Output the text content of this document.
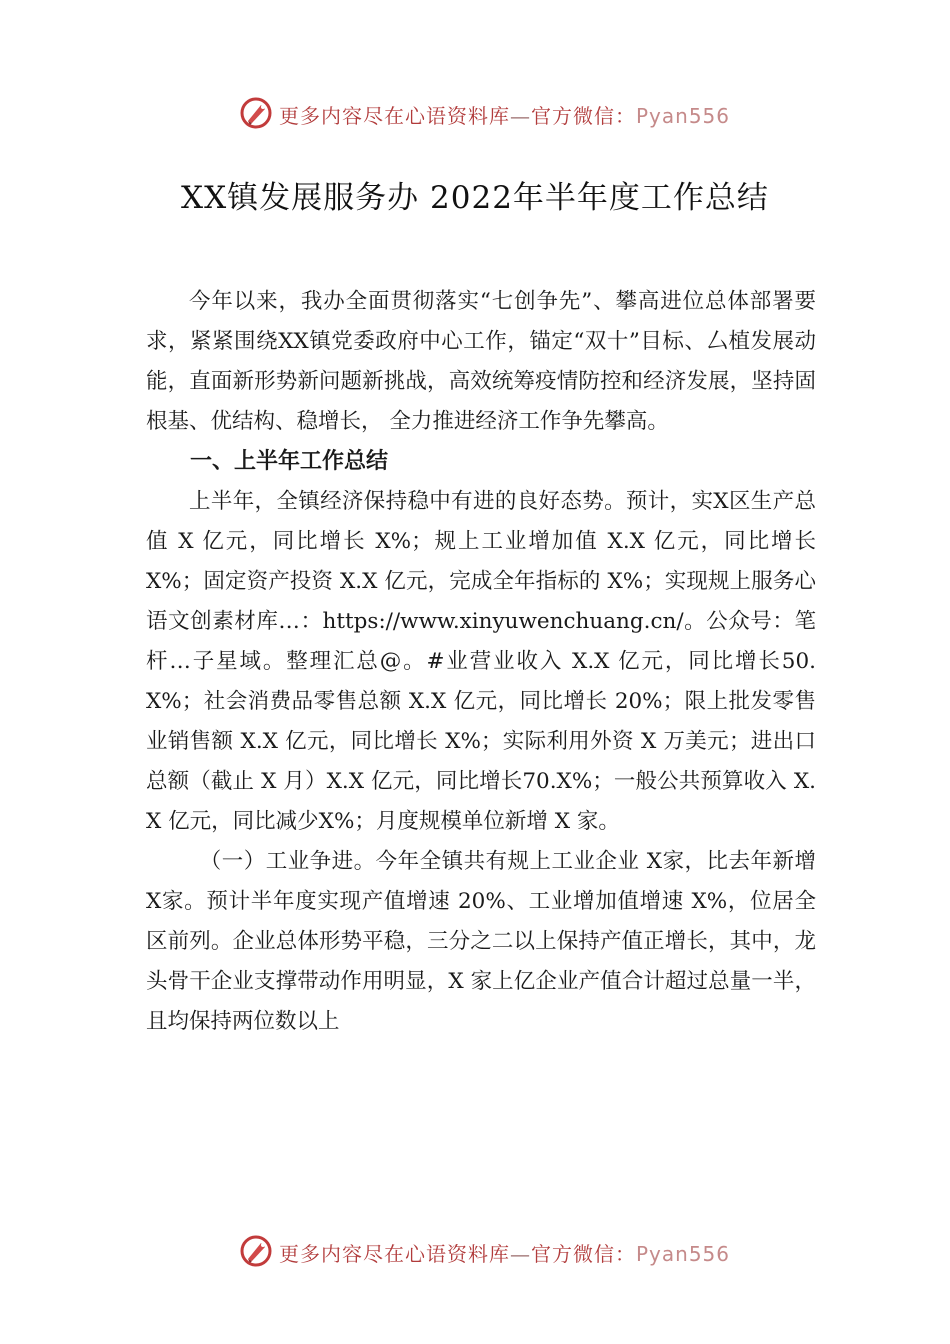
更多内容尽在心语资料库—官方微信：Pyan556
XX镇发展服务办 2022年半年度工作总结

今年以来，我办全面贯彻落实“七创争先”、攀高进位总体部署要求，紧紧围绕XX镇党委政府中心工作，锚定“双十”目标、厶植发展动能，直面新形势新问题新挑战，高效统筹疫情防控和经济发展，坚持固根基、优结构、稳增长， 全力推进经济工作争先攀高。

一、上半年工作总结

上半年，全镇经济保持稳中有进的良好态势。预计，实X区生产总值 X 亿元，同比增长 X%；规上工业增加值 X.X 亿元，同比增长 X%；固定资产投资 X.X 亿元，完成全年指标的 X%；实现规上服务心语文创素材库…：https://www.xinyuwenchuang.cn/。公众号：笔杆…子星域。整理汇总@。#业营业收入 X.X 亿元，同比增长50.X%；社会消费品零售总额 X.X 亿元，同比增长 20%；限上批发零售业销售额 X.X 亿元，同比增长 X%；实际利用外资 X 万美元；进出口总额（截止 X 月）X.X 亿元，同比增长70.X%；一般公共预算收入 X.X 亿元，同比减少X%；月度规模单位新增 X 家。

（一）工业争进。今年全镇共有规上工业企业 X家，比去年新增 X家。预计半年度实现产值增速 20%、工业增加值增速 X%，位居全区前列。企业总体形势平稳，三分之二以上保持产值正增长，其中，龙头骨干企业支撑带动作用明显，X 家上亿企业产值合计超过总量一半，且均保持两位数以上

更多内容尽在心语资料库—官方微信：Pyan556
